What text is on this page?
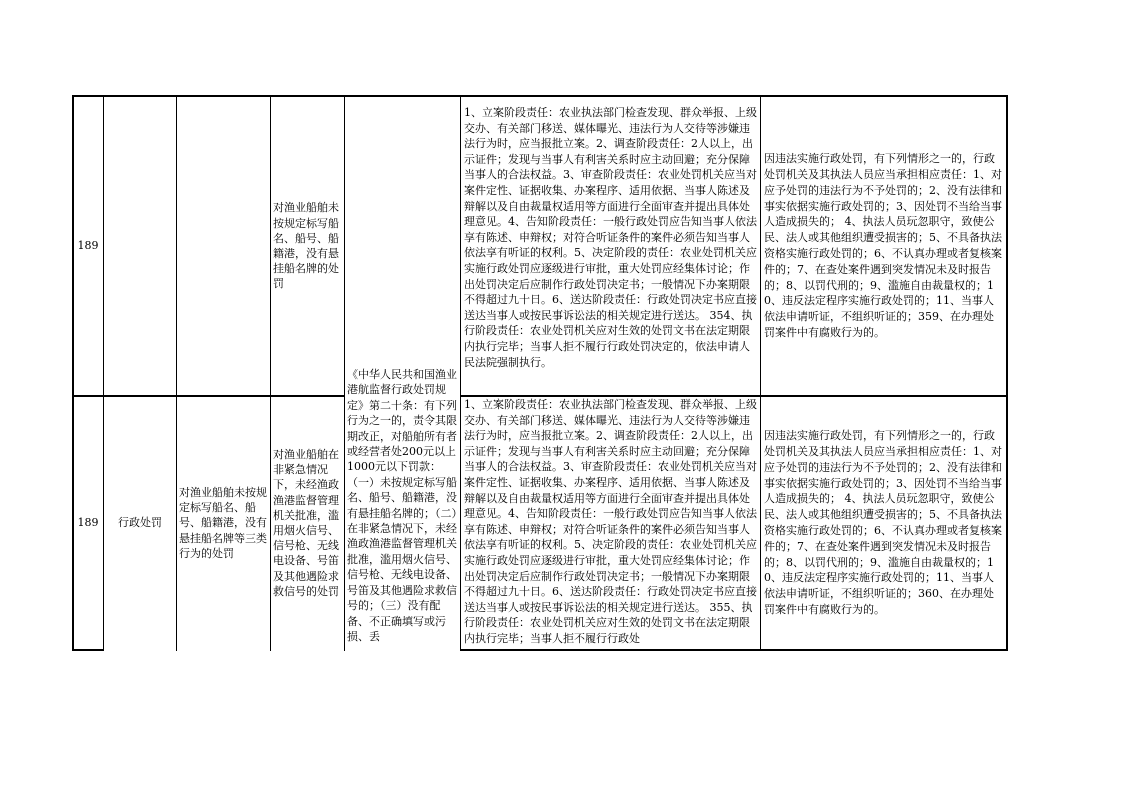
189
对渔业船舶未按规定标写船名、船号、船籍港，没有悬挂船名牌的处罚
1、立案阶段责任：农业执法部门检查发现、群众举报、上级交办、有关部门移送、媒体曝光、违法行为人交待等涉嫌违法行为时，应当报批立案。2、调查阶段责任：2人以上，出示证件；发现与当事人有利害关系时应主动回避；充分保障当事人的合法权益。3、审查阶段责任：农业处罚机关应当对案件定性、证据收集、办案程序、适用依据、当事人陈述及辩解以及自由裁量权适用等方面进行全面审查并提出具体处理意见。4、告知阶段责任：一般行政处罚应告知当事人依法享有陈述、申辩权；对符合听证条件的案件必须告知当事人依法享有听证的权利。5、决定阶段的责任：农业处罚机关应实施行政处罚应逐级进行审批，重大处罚应经集体讨论；作出处罚决定后应制作行政处罚决定书；一般情况下办案期限不得超过九十日。6、送达阶段责任：行政处罚决定书应直接送达当事人或按民事诉讼法的相关规定进行送达。 354、执行阶段责任：农业处罚机关应对生效的处罚文书在法定期限内执行完毕；当事人拒不履行行政处罚决定的，依法申请人民法院强制执行。
因违法实施行政处罚，有下列情形之一的，行政处罚机关及其执法人员应当承担相应责任：1、对应予处罚的违法行为不予处罚的；2、没有法律和事实依据实施行政处罚的；3、因处罚不当给当事人造成损失的； 4、执法人员玩忽职守，致使公民、法人或其他组织遭受损害的；5、不具备执法资格实施行政处罚的；6、不认真办理或者复核案件的；7、在查处案件遇到突发情况未及时报告的；8、以罚代刑的；9、滥施自由裁量权的；10、违反法定程序实施行政处罚的；11、当事人依法申请听证，不组织听证的；359、在办理处罚案件中有腐败行为的。
189 行政处罚
对渔业船舶未按规定标写船名、船号、船籍港，没有悬挂船名牌等三类行为的处罚
对渔业船舶在非紧急情况下，未经渔政渔港监督管理机关批准，滥用烟火信号、信号枪、无线电设备、号笛及其他遇险求救信号的处罚
1、立案阶段责任：农业执法部门检查发现、群众举报、上级交办、有关部门移送、媒体曝光、违法行为人交待等涉嫌违法行为时，应当报批立案。2、调查阶段责任：2人以上，出示证件；发现与当事人有利害关系时应主动回避；充分保障当事人的合法权益。3、审查阶段责任：农业处罚机关应当对案件定性、证据收集、办案程序、适用依据、当事人陈述及辩解以及自由裁量权适用等方面进行全面审查并提出具体处理意见。4、告知阶段责任：一般行政处罚应告知当事人依法享有陈述、申辩权；对符合听证条件的案件必须告知当事人依法享有听证的权利。5、决定阶段的责任：农业处罚机关应实施行政处罚应逐级进行审批，重大处罚应经集体讨论；作出处罚决定后应制作行政处罚决定书；一般情况下办案期限不得超过九十日。6、送达阶段责任：行政处罚决定书应直接送达当事人或按民事诉讼法的相关规定进行送达。 355、执行阶段责任：农业处罚机关应对生效的处罚文书在法定期限内执行完毕；当事人拒不履行行政处
因违法实施行政处罚，有下列情形之一的，行政处罚机关及其执法人员应当承担相应责任：1、对应予处罚的违法行为不予处罚的；2、没有法律和事实依据实施行政处罚的；3、因处罚不当给当事人造成损失的； 4、执法人员玩忽职守，致使公民、法人或其他组织遭受损害的；5、不具备执法资格实施行政处罚的；6、不认真办理或者复核案件的；7、在查处案件遇到突发情况未及时报告的；8、以罚代刑的；9、滥施自由裁量权的；10、违反法定程序实施行政处罚的；11、当事人依法申请听证，不组织听证的；360、在办理处罚案件中有腐败行为的。
《中华人民共和国渔业港航监督行政处罚规定》第二十条：有下列行为之一的，责令其限期改正，对船舶所有者或经营者处200元以上1000元以下罚款：（一）未按规定标写船名、船号、船籍港，没有悬挂船名牌的；（二）在非紧急情况下，未经渔政渔港监督管理机关批准，滥用烟火信号、信号枪、无线电设备、号笛及其他遇险求救信号的；（三）没有配备、不正确填写或污损、丢
